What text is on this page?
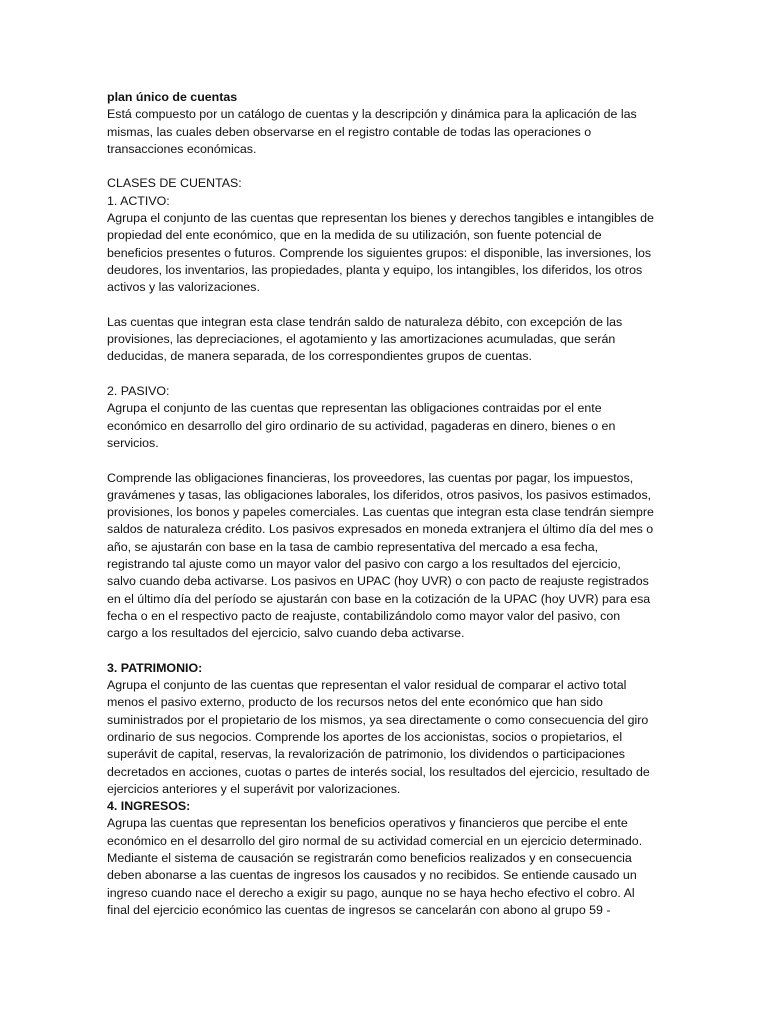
plan único de cuentas
Está compuesto por un catálogo de cuentas y la descripción y dinámica para la aplicación de las
mismas, las cuales deben observarse en el registro contable de todas las operaciones o
transacciones económicas.
CLASES DE CUENTAS:
1. ACTIVO:
Agrupa el conjunto de las cuentas que representan los bienes y derechos tangibles e intangibles de
propiedad del ente económico, que en la medida de su utilización, son fuente potencial de
beneficios presentes o futuros. Comprende los siguientes grupos: el disponible, las inversiones, los
deudores, los inventarios, las propiedades, planta y equipo, los intangibles, los diferidos, los otros
activos y las valorizaciones.
Las cuentas que integran esta clase tendrán saldo de naturaleza débito, con excepción de las
provisiones, las depreciaciones, el agotamiento y las amortizaciones acumuladas, que serán
deducidas, de manera separada, de los correspondientes grupos de cuentas.
2. PASIVO:
Agrupa el conjunto de las cuentas que representan las obligaciones contraidas por el ente
económico en desarrollo del giro ordinario de su actividad, pagaderas en dinero, bienes o en
servicios.
Comprende las obligaciones financieras, los proveedores, las cuentas por pagar, los impuestos,
gravámenes y tasas, las obligaciones laborales, los diferidos, otros pasivos, los pasivos estimados,
provisiones, los bonos y papeles comerciales. Las cuentas que integran esta clase tendrán siempre
saldos de naturaleza crédito. Los pasivos expresados en moneda extranjera el último día del mes o
año, se ajustarán con base en la tasa de cambio representativa del mercado a esa fecha,
registrando tal ajuste como un mayor valor del pasivo con cargo a los resultados del ejercicio,
salvo cuando deba activarse. Los pasivos en UPAC (hoy UVR) o con pacto de reajuste registrados
en el último día del período se ajustarán con base en la cotización de la UPAC (hoy UVR) para esa
fecha o en el respectivo pacto de reajuste, contabilizándolo como mayor valor del pasivo, con
cargo a los resultados del ejercicio, salvo cuando deba activarse.
3. PATRIMONIO:
Agrupa el conjunto de las cuentas que representan el valor residual de comparar el activo total
menos el pasivo externo, producto de los recursos netos del ente económico que han sido
suministrados por el propietario de los mismos, ya sea directamente o como consecuencia del giro
ordinario de sus negocios. Comprende los aportes de los accionistas, socios o propietarios, el
superávit de capital, reservas, la revalorización de patrimonio, los dividendos o participaciones
decretados en acciones, cuotas o partes de interés social, los resultados del ejercicio, resultado de
ejercicios anteriores y el superávit por valorizaciones.
4. INGRESOS:
Agrupa las cuentas que representan los beneficios operativos y financieros que percibe el ente
económico en el desarrollo del giro normal de su actividad comercial en un ejercicio determinado.
Mediante el sistema de causación se registrarán como beneficios realizados y en consecuencia
deben abonarse a las cuentas de ingresos los causados y no recibidos. Se entiende causado un
ingreso cuando nace el derecho a exigir su pago, aunque no se haya hecho efectivo el cobro. Al
final del ejercicio económico las cuentas de ingresos se cancelarán con abono al grupo 59 -
